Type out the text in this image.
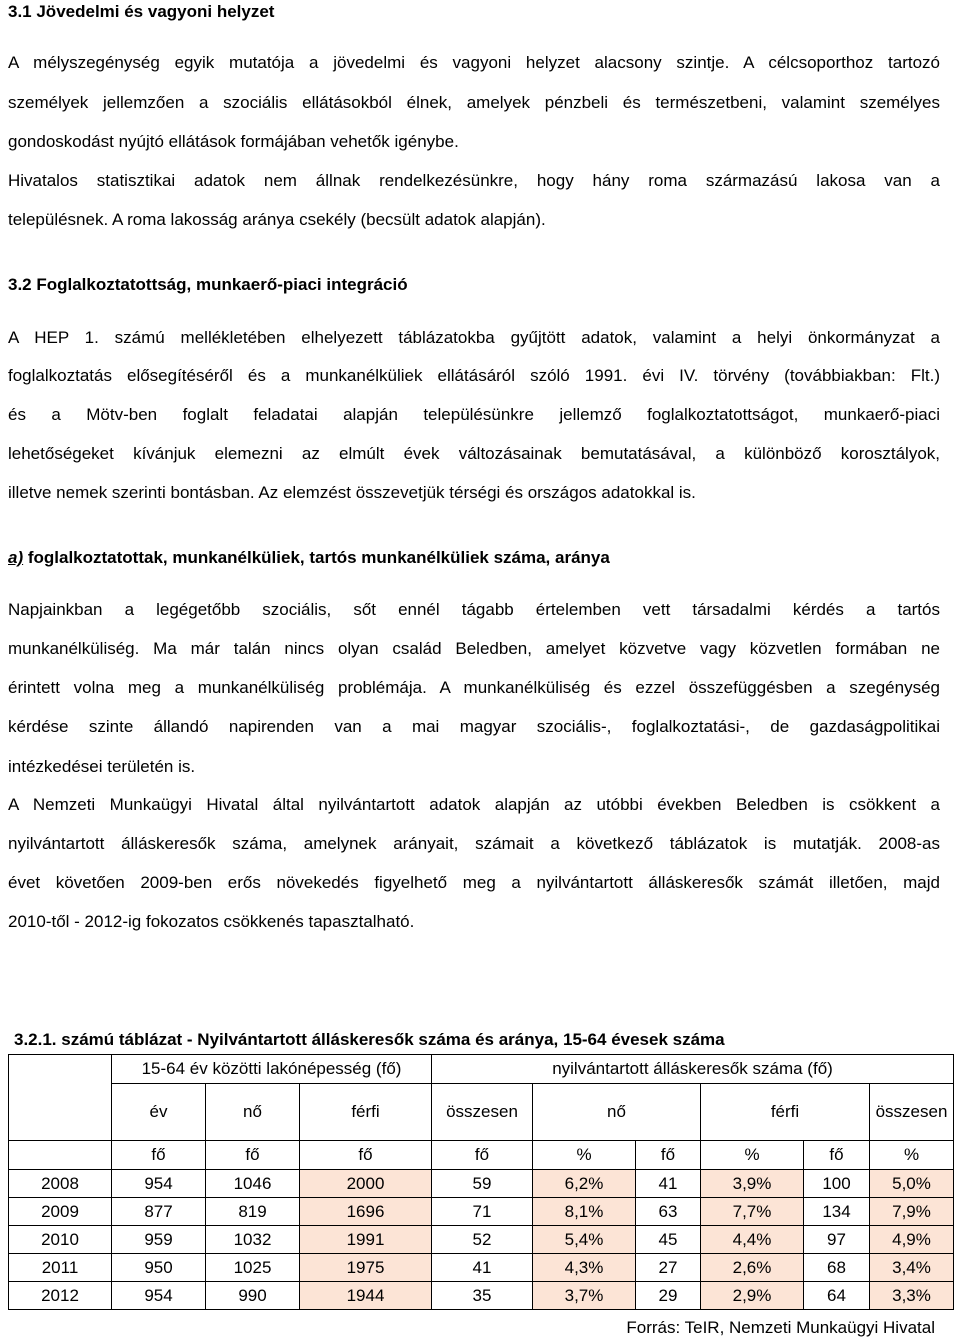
3.1 Jövedelmi és vagyoni helyzet
A mélyszegénység egyik mutatója a jövedelmi és vagyoni helyzet alacsony szintje. A célcsoporthoz tartozó
személyek jellemzően a szociális ellátásokból élnek, amelyek pénzbeli és természetbeni, valamint személyes
gondoskodást nyújtó ellátások formájában vehetők igénybe.
Hivatalos statisztikai adatok nem állnak rendelkezésünkre, hogy hány roma származású lakosa van a
településnek. A roma lakosság aránya csekély (becsült adatok alapján).
3.2 Foglalkoztatottság, munkaerő-piaci integráció
A HEP 1. számú mellékletében elhelyezett táblázatokba gyűjtött adatok, valamint a helyi önkormányzat a
foglalkoztatás elősegítéséről és a munkanélküliek ellátásáról szóló 1991. évi IV. törvény (továbbiakban: Flt.)
és a Mötv-ben foglalt feladatai alapján településünkre jellemző foglalkoztatottságot, munkaerő-piaci
lehetőségeket kívánjuk elemezni az elmúlt évek változásainak bemutatásával, a különböző korosztályok,
illetve nemek szerinti bontásban. Az elemzést összevetjük térségi és országos adatokkal is.
a) foglalkoztatottak, munkanélküliek, tartós munkanélküliek száma, aránya
Napjainkban a legégetőbb szociális, sőt ennél tágabb értelemben vett társadalmi kérdés a tartós
munkanélküliség. Ma már talán nincs olyan család Beledben, amelyet közvetve vagy közvetlen formában ne
érintett volna meg a munkanélküliség problémája. A munkanélküliség és ezzel összefüggésben a szegénység
kérdése szinte állandó napirenden van a mai magyar szociális-, foglalkoztatási-, de gazdaságpolitikai
intézkedései területén is.
A Nemzeti Munkaügyi Hivatal által nyilvántartott adatok alapján az utóbbi években Beledben is csökkent a
nyilvántartott álláskeresők száma, amelynek arányait, számait a következő táblázatok is mutatják. 2008-as
évet követően 2009-ben erős növekedés figyelhető meg a nyilvántartott álláskeresők számát illetően, majd
2010-től - 2012-ig fokozatos csökkenés tapasztalható.
3.2.1. számú táblázat - Nyilvántartott álláskeresők száma és aránya, 15-64 évesek száma
	15-64 év közötti lakónépesség (fő)			nyilvántartott álláskeresők száma (fő)					
	év	nő	férfi	összesen	nő		férfi		összesen
	fő	fő	fő	fő	%	fő	%	fő	%
2008	954	1046	2000	59	6,2%	41	3,9%	100	5,0%
2009	877	819	1696	71	8,1%	63	7,7%	134	7,9%
2010	959	1032	1991	52	5,4%	45	4,4%	97	4,9%
2011	950	1025	1975	41	4,3%	27	2,6%	68	3,4%
2012	954	990	1944	35	3,7%	29	2,9%	64	3,3%
Forrás: TeIR, Nemzeti Munkaügyi Hivatal
